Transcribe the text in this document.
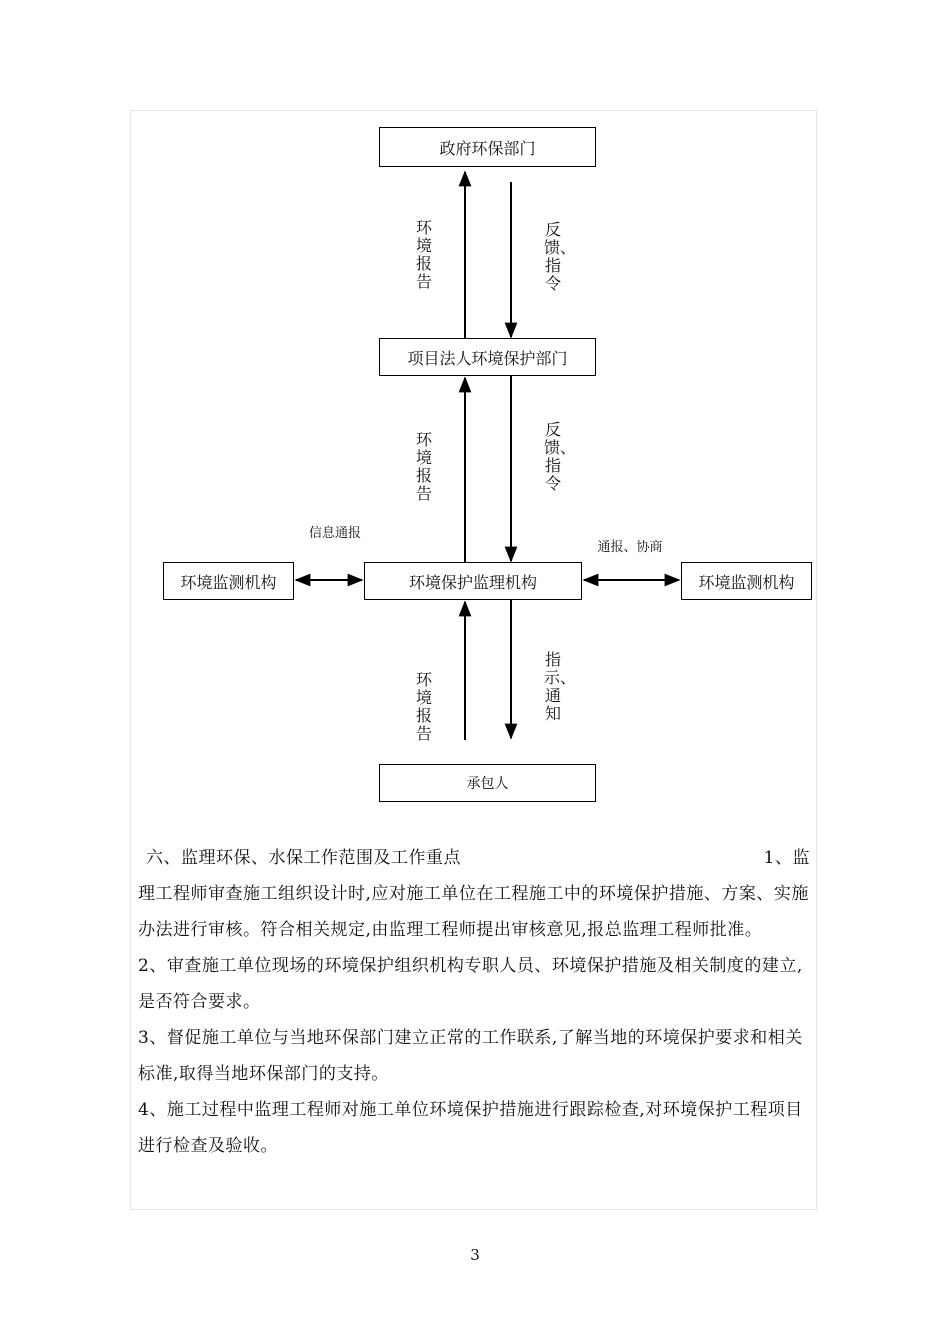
政府环保部门
项目法人环境保护部门
环境保护监理机构
环境监测机构	环境监测机构
承包人
环境报告
反馈、指令
环境报告
反馈、指令
环境报告
指示、通知
信息通报
通报、协商
六、监理环保、水保工作范围及工作重点	1、监

理工程师审查施工组织设计时,应对施工单位在工程施工中的环境保护措施、方案、实施办法进行审核。符合相关规定,由监理工程师提出审核意见,报总监理工程师批准。

2、审查施工单位现场的环境保护组织机构专职人员、环境保护措施及相关制度的建立,是否符合要求。

3、督促施工单位与当地环保部门建立正常的工作联系,了解当地的环境保护要求和相关标准,取得当地环保部门的支持。

4、施工过程中监理工程师对施工单位环境保护措施进行跟踪检查,对环境保护工程项目进行检查及验收。

3
